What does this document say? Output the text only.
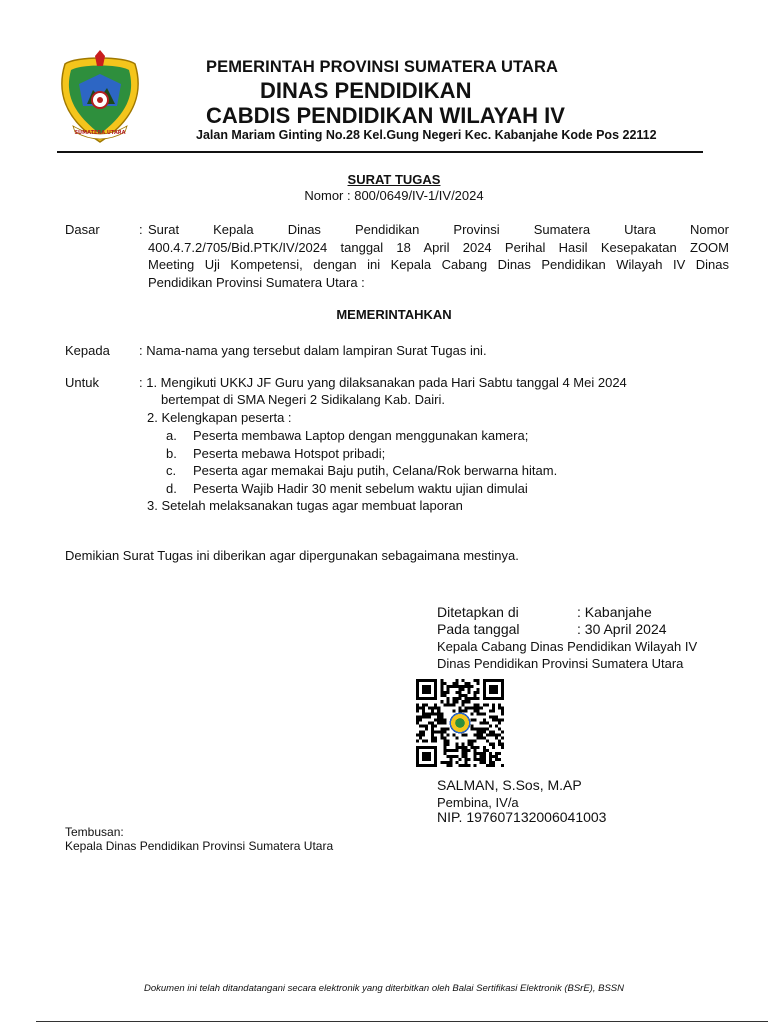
SUMATERA UTARA
PEMERINTAH PROVINSI SUMATERA UTARA
DINAS PENDIDIKAN
CABDIS PENDIDIKAN WILAYAH IV
Jalan Mariam Ginting No.28 Kel.Gung Negeri Kec. Kabanjahe Kode Pos 22112
SURAT TUGAS
Nomor : 800/0649/IV-1/IV/2024
Dasar	: Surat Kepala Dinas Pendidikan Provinsi Sumatera Utara Nomor
400.4.7.2/705/Bid.PTK/IV/2024 tanggal 18 April 2024 Perihal Hasil Kesepakatan ZOOM
Meeting Uji Kompetensi, dengan ini Kepala Cabang Dinas Pendidikan Wilayah IV Dinas
Pendidikan Provinsi Sumatera Utara :
MEMERINTAHKAN
Kepada : Nama-nama yang tersebut dalam lampiran Surat Tugas ini.
Untuk	: 1. Mengikuti UKKJ JF Guru yang dilaksanakan pada Hari Sabtu tanggal 4 Mei 2024
bertempat di SMA Negeri 2 Sidikalang Kab. Dairi.
2. Kelengkapan peserta :
a. Peserta membawa Laptop dengan menggunakan kamera;
b. Peserta mebawa Hotspot pribadi;
c. Peserta agar memakai Baju putih, Celana/Rok berwarna hitam.
d. Peserta Wajib Hadir 30 menit sebelum waktu ujian dimulai
3. Setelah melaksanakan tugas agar membuat laporan
Demikian Surat Tugas ini diberikan agar dipergunakan sebagaimana mestinya.
Ditetapkan di	: Kabanjahe
Pada tanggal	: 30 April 2024
Kepala Cabang Dinas Pendidikan Wilayah IV
Dinas Pendidikan Provinsi Sumatera Utara
SALMAN, S.Sos, M.AP
Pembina, IV/a
NIP. 197607132006041003
Tembusan:
Kepala Dinas Pendidikan Provinsi Sumatera Utara
Dokumen ini telah ditandatangani secara elektronik yang diterbitkan oleh Balai Sertifikasi Elektronik (BSrE), BSSN
